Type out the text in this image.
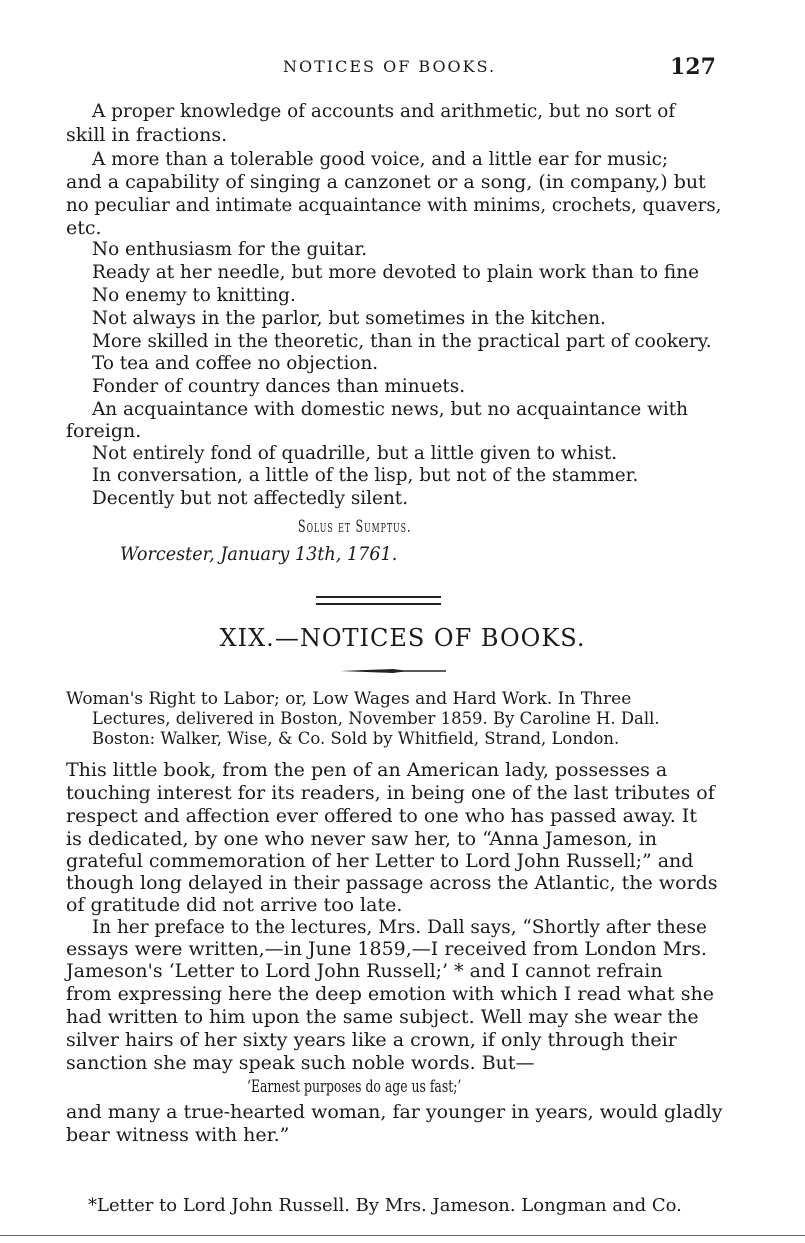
NOTICES OF BOOKS.	127
A proper knowledge of accounts and arithmetic, but no sort of
skill in fractions.
A more than a tolerable good voice, and a little ear for music;
and a capability of singing a canzonet or a song, (in company,) but
no peculiar and intimate acquaintance with minims, crochets, quavers,
etc.
No enthusiasm for the guitar.
Ready at her needle, but more devoted to plain work than to fine
No enemy to knitting.
Not always in the parlor, but sometimes in the kitchen.
More skilled in the theoretic, than in the practical part of cookery.
To tea and coffee no objection.
Fonder of country dances than minuets.
An acquaintance with domestic news, but no acquaintance with
foreign.
Not entirely fond of quadrille, but a little given to whist.
In conversation, a little of the lisp, but not of the stammer.
Decently but not affectedly silent.
Solus et Sumptus.
Worcester, January 13th, 1761.
XIX.—NOTICES OF BOOKS.
Woman's Right to Labor; or, Low Wages and Hard Work. In Three
Lectures, delivered in Boston, November 1859. By Caroline H. Dall.
Boston: Walker, Wise, & Co. Sold by Whitfield, Strand, London.
This little book, from the pen of an American lady, possesses a
touching interest for its readers, in being one of the last tributes of
respect and affection ever offered to one who has passed away. It
is dedicated, by one who never saw her, to “Anna Jameson, in
grateful commemoration of her Letter to Lord John Russell;” and
though long delayed in their passage across the Atlantic, the words
of gratitude did not arrive too late.
In her preface to the lectures, Mrs. Dall says, “Shortly after these
essays were written,—in June 1859,—I received from London Mrs.
Jameson's ‘Letter to Lord John Russell;’ * and I cannot refrain
from expressing here the deep emotion with which I read what she
had written to him upon the same subject. Well may she wear the
silver hairs of her sixty years like a crown, if only through their
sanction she may speak such noble words. But—
‘Earnest purposes do age us fast;’
and many a true-hearted woman, far younger in years, would gladly
bear witness with her.”
*Letter to Lord John Russell. By Mrs. Jameson. Longman and Co.
